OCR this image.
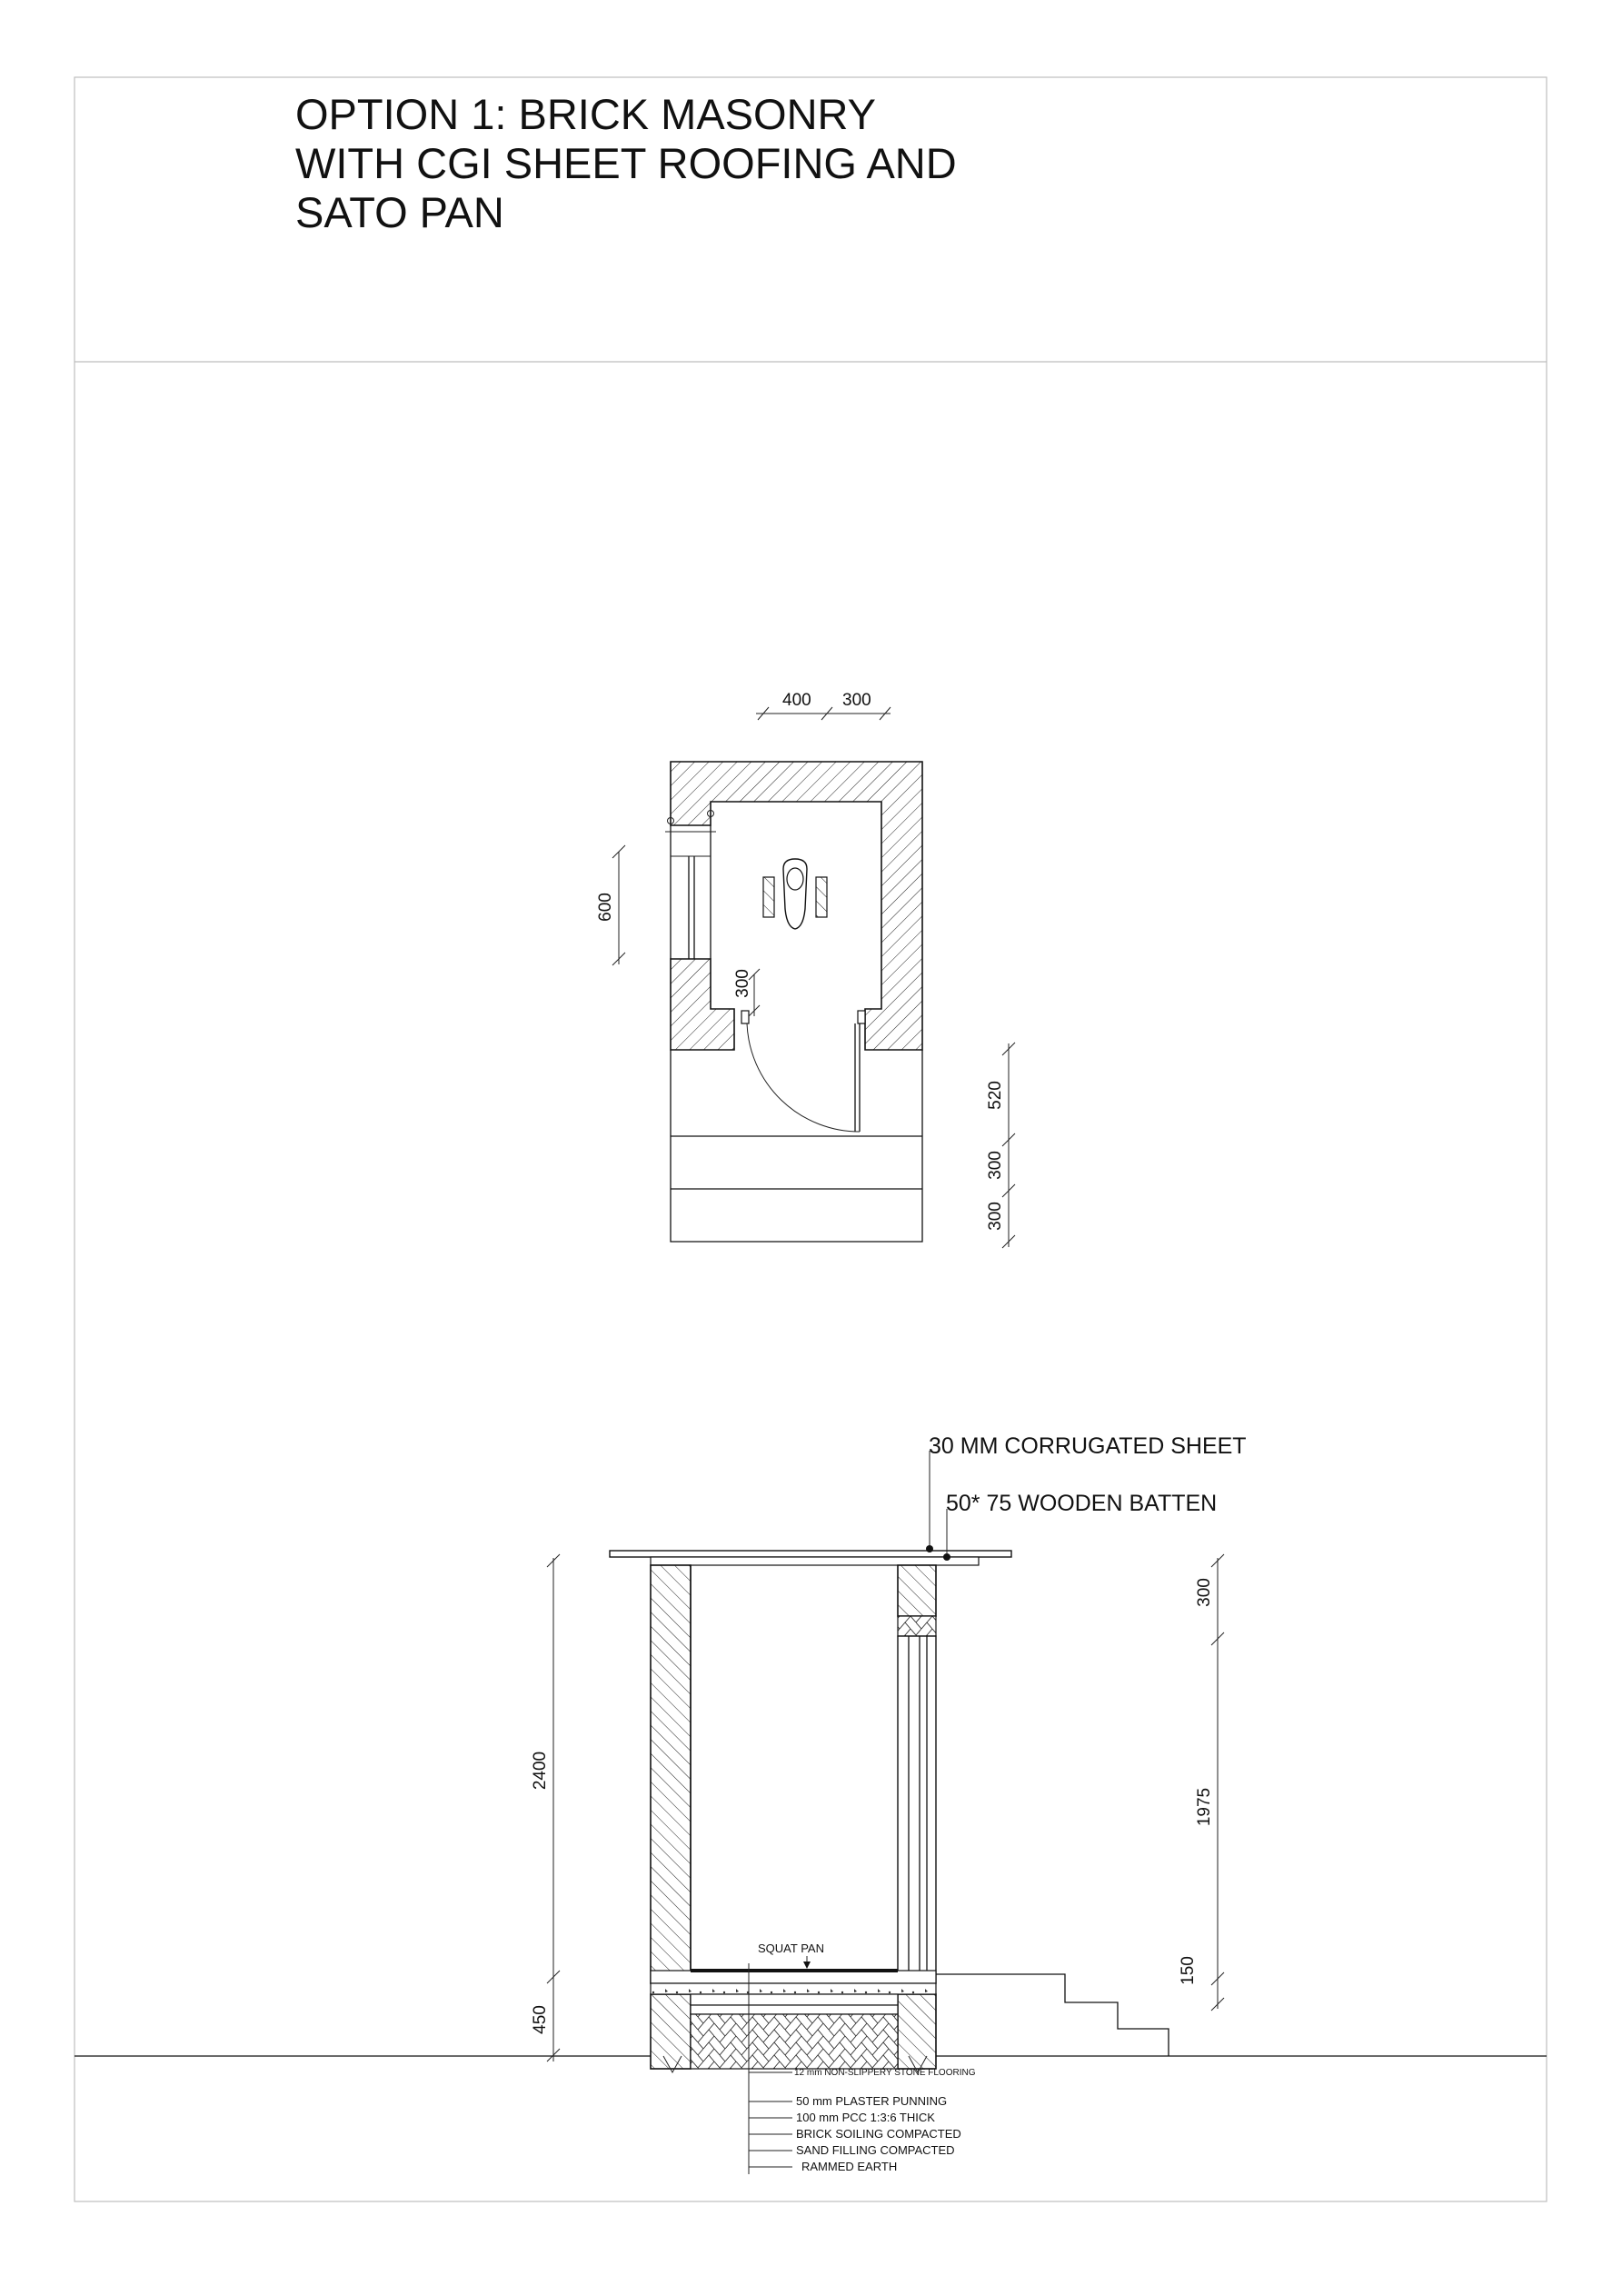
OPTION 1: BRICK MASONRY
WITH CGI SHEET ROOFING AND
SATO PAN
400 300
600
300
520
300
300
30 MM CORRUGATED SHEET
50* 75 WOODEN BATTEN
SQUAT PAN
2400
450
300
1975
150
12 mm NON-SLIPPERY STONE FLOORING
50 mm PLASTER PUNNING
100 mm PCC 1:3:6 THICK
BRICK SOILING COMPACTED
SAND FILLING COMPACTED
RAMMED EARTH
